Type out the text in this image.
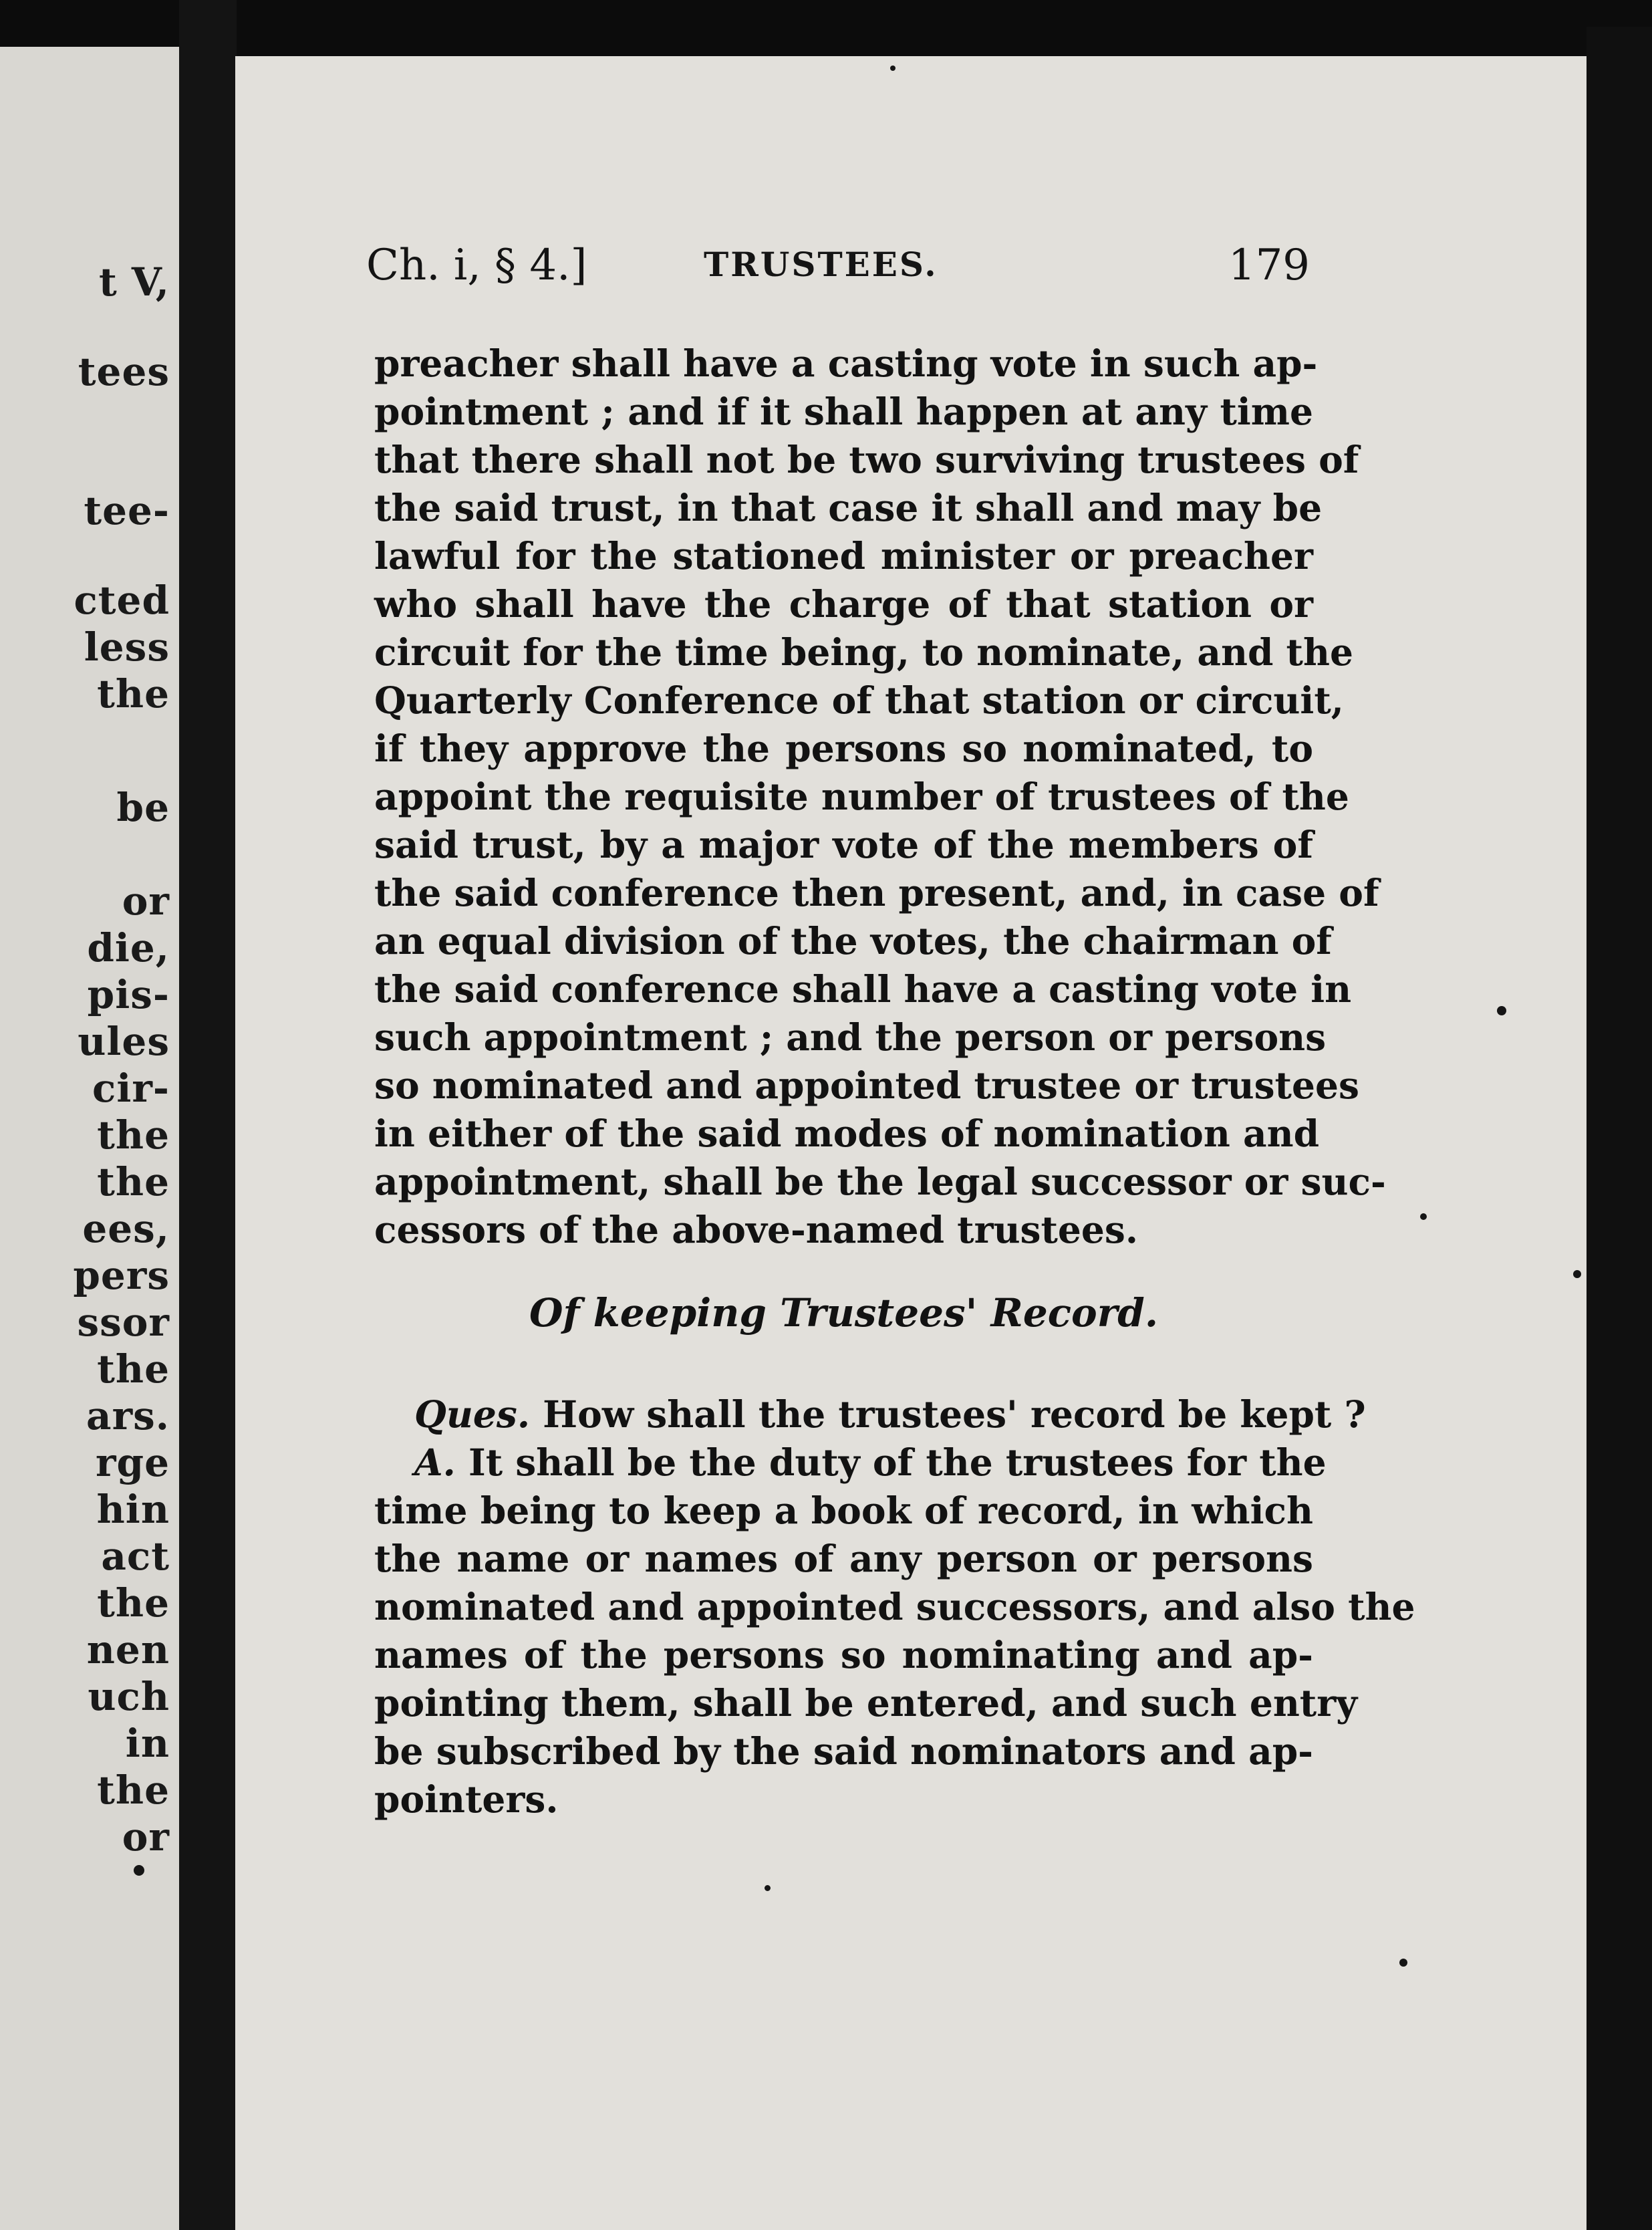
t V,
tees
tee-
cted
less
the
be
or
die,
pis-
ules
cir-
the
the
ees,
pers
ssor
the
ars.
rge
hin
act
the
nen
uch
in
the
or
Ch. i, § 4.]	TRUSTEES.	179
preacher shall have a casting vote in such ap-
pointment ; and if it shall happen at any time
that there shall not be two surviving trustees of
the said trust, in that case it shall and may be
lawful for the stationed minister or preacher
who shall have the charge of that station or
circuit for the time being, to nominate, and the
Quarterly Conference of that station or circuit,
if they approve the persons so nominated, to
appoint the requisite number of trustees of the
said trust, by a major vote of the members of
the said conference then present, and, in case of
an equal division of the votes, the chairman of
the said conference shall have a casting vote in
such appointment ; and the person or persons
so nominated and appointed trustee or trustees
in either of the said modes of nomination and
appointment, shall be the legal successor or suc-
cessors of the above-named trustees.
Of keeping Trustees' Record.
Ques. How shall the trustees' record be kept ?
A. It shall be the duty of the trustees for the
time being to keep a book of record, in which
the name or names of any person or persons
nominated and appointed successors, and also the
names of the persons so nominating and ap-
pointing them, shall be entered, and such entry
be subscribed by the said nominators and ap-
pointers.
